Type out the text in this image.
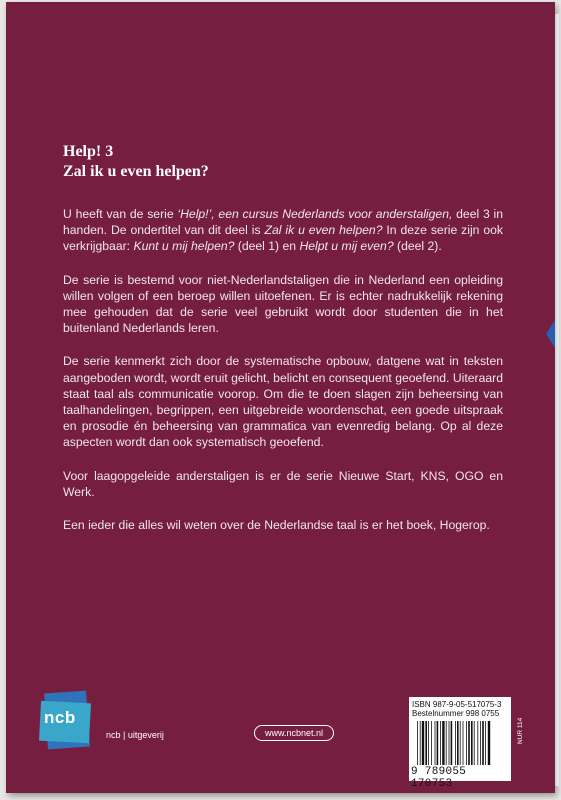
Help! 3
Zal ik u even helpen?

U heeft van de serie ‘Help!’, een cursus Nederlands voor anderstaligen, deel 3 in handen. De ondertitel van dit deel is Zal ik u even helpen? In deze serie zijn ook verkrijgbaar: Kunt u mij helpen? (deel 1) en Helpt u mij even? (deel 2).

De serie is bestemd voor niet-Nederlandstaligen die in Nederland een opleiding willen volgen of een beroep willen uitoefenen. Er is echter nadrukkelijk rekening mee gehouden dat de serie veel gebruikt wordt door studenten die in het buitenland Nederlands leren.

De serie kenmerkt zich door de systematische opbouw, datgene wat in teksten aangeboden wordt, wordt eruit gelicht, belicht en consequent geoefend. Uiteraard staat taal als communicatie voorop. Om die te doen slagen zijn beheersing van taalhandelingen, begrippen, een uitgebreide woordenschat, een goede uitspraak en prosodie én beheersing van grammatica van evenredig belang. Op al deze aspecten wordt dan ook systematisch geoefend.

Voor laagopgeleide anderstaligen is er de serie Nieuwe Start, KNS, OGO en Werk.

Een ieder die alles wil weten over de Nederlandse taal is er het boek, Hogerop.

ncb
ncb | uitgeverij	www.ncbnet.nl
ISBN 987-9-05-517075-3
Bestelnummer 998 0755
9 789055 170753
NUR 114
